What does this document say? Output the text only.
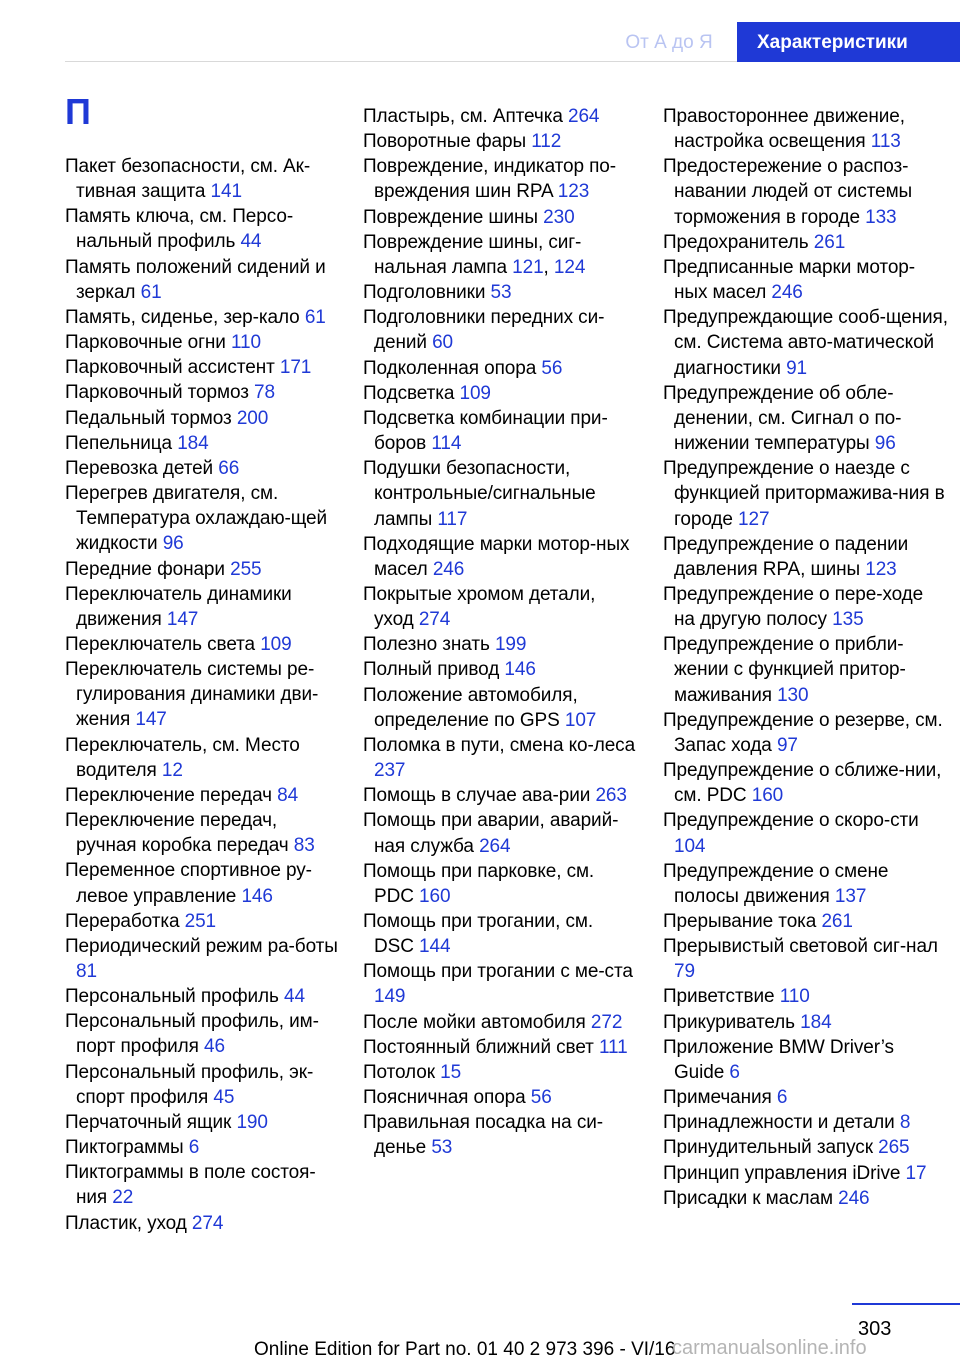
От А до Я	Характеристики
П
Пакет безопасности, см. Ак-тивная защита 141
Память ключа, см. Персо-нальный профиль 44
Память положений сидений и зеркал 61
Память, сиденье, зер-кало 61
Парковочные огни 110
Парковочный ассистент 171
Парковочный тормоз 78
Педальный тормоз 200
Пепельница 184
Перевозка детей 66
Перегрев двигателя, см. Температура охлаждаю-щей жидкости 96
Передние фонари 255
Переключатель динамики движения 147
Переключатель света 109
Переключатель системы ре-гулирования динамики дви-жения 147
Переключатель, см. Место водителя 12
Переключение передач 84
Переключение передач, ручная коробка передач 83
Переменное спортивное ру-левое управление 146
Переработка 251
Периодический режим ра-боты 81
Персональный профиль 44
Персональный профиль, им-порт профиля 46
Персональный профиль, эк-спорт профиля 45
Перчаточный ящик 190
Пиктограммы 6
Пиктограммы в поле состоя-ния 22
Пластик, уход 274
Пластырь, см. Аптечка 264
Поворотные фары 112
Повреждение, индикатор по-вреждения шин RPA 123
Повреждение шины 230
Повреждение шины, сиг-нальная лампа 121, 124
Подголовники 53
Подголовники передних си-дений 60
Подколенная опора 56
Подсветка 109
Подсветка комбинации при-боров 114
Подушки безопасности, контрольные/сигнальные лампы 117
Подходящие марки мотор-ных масел 246
Покрытые хромом детали, уход 274
Полезно знать 199
Полный привод 146
Положение автомобиля, определение по GPS 107
Поломка в пути, смена ко-леса 237
Помощь в случае ава-рии 263
Помощь при аварии, аварий-ная служба 264
Помощь при парковке, см. PDC 160
Помощь при трогании, см. DSC 144
Помощь при трогании с ме-ста 149
После мойки автомобиля 272
Постоянный ближний свет 111
Потолок 15
Поясничная опора 56
Правильная посадка на си-денье 53
Правостороннее движение, настройка освещения 113
Предостережение о распоз-навании людей от системы торможения в городе 133
Предохранитель 261
Предписанные марки мотор-ных масел 246
Предупреждающие сооб-щения, см. Система авто-матической диагностики 91
Предупреждение об обле-денении, см. Сигнал о по-нижении температуры 96
Предупреждение о наезде с функцией притормажива-ния в городе 127
Предупреждение о падении давления RPA, шины 123
Предупреждение о пере-ходе на другую полосу 135
Предупреждение о прибли-жении с функцией притор-маживания 130
Предупреждение о резерве, см. Запас хода 97
Предупреждение о сближе-нии, см. PDC 160
Предупреждение о скоро-сти 104
Предупреждение о смене полосы движения 137
Прерывание тока 261
Прерывистый световой сиг-нал 79
Приветствие 110
Прикуриватель 184
Приложение BMW Driver’s Guide 6
Примечания 6
Принадлежности и детали 8
Принудительный запуск 265
Принцип управления iDrive 17
Присадки к маслам 246
303
Online Edition for Part no. 01 40 2 973 396 - VI/16
carmanualsonline.info
